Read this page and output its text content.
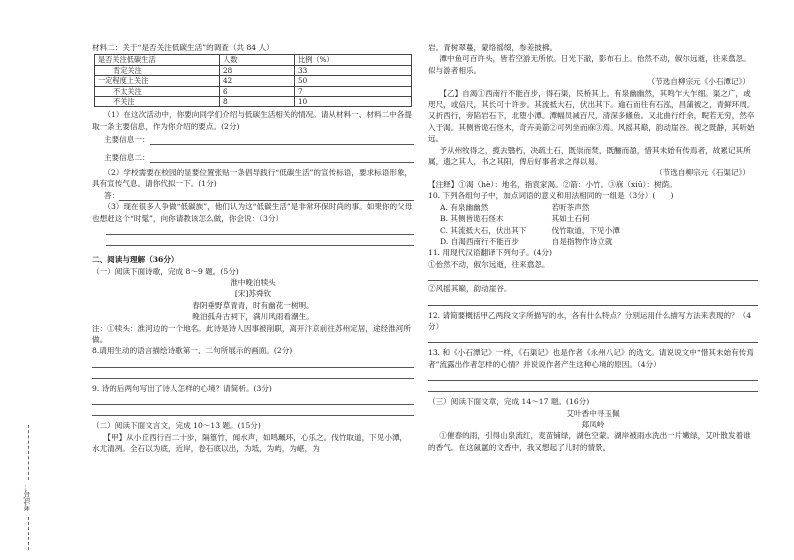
材料二：关于“是否关注低碳生活”的调查（共 84 人）

是否关注低碳生活	人数	比例（%）
肯定关注	28	33
一定程度上关注	42	50
不太关注	6	7
不关注	8	10

（1）在这次活动中，你要向同学们介绍与低碳生活相关的情况。请从材料一、材料二中各提取一条主要信息，作为你介绍的要点。(2分)

主要信息一：
主要信息二：

（2）学校需要在校园的显要位置张贴一条倡导践行“低碳生活”的宣传标语，要求标语形象，具有宣传气息。请你代拟一下。(1分)

答：

（3）现在很多人争做“低碳族”，他们认为这“低碳生活”是非常环保时尚的事。如果你的父母也想赶这个“时髦”，向你请教该怎么做，你会说：（3分）

二、阅读与理解（36分）

（一）阅读下面诗歌，完成 8～9 题。(5分)

淮中晚泊犊头

[宋]苏舜钦

春阴垂野草青青，时有幽花一树明。

晚泊孤舟古祠下，满川风雨看潮生。

注：①犊头：淮河边的一个地名。此诗是诗人因事被削职，离开汴京前往苏州定居，途经淮河所做。

8.请用生动的语言描绘诗歌第一、二句所展示的画面。(2分)

9. 诗的后两句写出了诗人怎样的心境？请简析。(3分)

（二）阅读下面文言文，完成 10～13 题。(15分)

【甲】从小丘西行百二十步，隔篁竹，闻水声，如鸣珮环，心乐之。伐竹取道，下见小潭，水尤清冽。全石以为底，近岸，卷石底以出，为坻，为屿，为嵁，为

岩。青树翠蔓，蒙络摇缀，参差披拂。

潭中鱼可百许头，皆若空游无所依。日光下澈，影布石上。佁然不动，俶尔远逝，往来翕忽。似与游者相乐。

（节选自柳宗元《小石潭记》）

【乙】自渴①西南行不能百步，得石渠，民桥其上。有泉幽幽然，其鸣乍大乍细。渠之广，或咫尺，或倍尺，其长可十许步。其流抵大石，伏出其下。逾石而往有石泓，昌蒲被之，青鲜环周。又折西行，旁陷岩石下，北堕小潭。潭幅员减百尺，清深多鯈鱼。又北曲行纡余，睨若无穷，然卒入于渴。其侧皆诡石怪木，奇卉美箭②可列坐而庥③焉。风摇其巅，韵动崖谷。视之既静，其听始远。

予从州牧得之，揽去翳朽，决疏土石，既崇而焚，既酾而盈，惜其未始有传焉者，故累记其所属，遗之其人，书之其阳，俾后好事者求之得以易。

（节选自柳宗元《石渠记》）

【注释】①渴（hè）：地名，指袁家渴。②箭：小竹。③庥（xiū）：树荫。

10. 下列各组句子中，加点词语的意义和用法相同的一组是（3分）(　　)

A. 有泉幽幽然　　　　　　　　 若听茶声然

B. 其侧皆诡石怪木　　　　　　 其如土石何

C. 其流抵大石，伏出其下　　　 伐竹取道，下见小潭

D. 自渴西南行不能百步　　　　 自是指物作诗立就

11. 用现代汉语翻译下列句子。(4分)

①佁然不动，俶尔远逝，往来翕忽。

②风摇其巅，韵动崖谷。

12. 请简要概括甲乙两段文字所描写的水，各有什么特点？分别运用什么描写方法来表现的？（4分）

13. 和《小石潭记》一样，《石渠记》也是作者《永州八记》的选文。请说说文中“惜其未始有传焉者”流露出作者怎样的心情？并说说作者产生这种心境的原因。（4分）

（三）阅读下面文章，完成 14～17 题。(16分)

艾叶香中寻玉佩

郑凤岭

①催春的雨，引得山泉流红，麦苗铺绿，湖色空蒙。湖岸被雨水洗出一片嫩绿，艾叶散发着谁的香气。在这氤氲的文香中，我又想起了儿时的情景。

考试号：
